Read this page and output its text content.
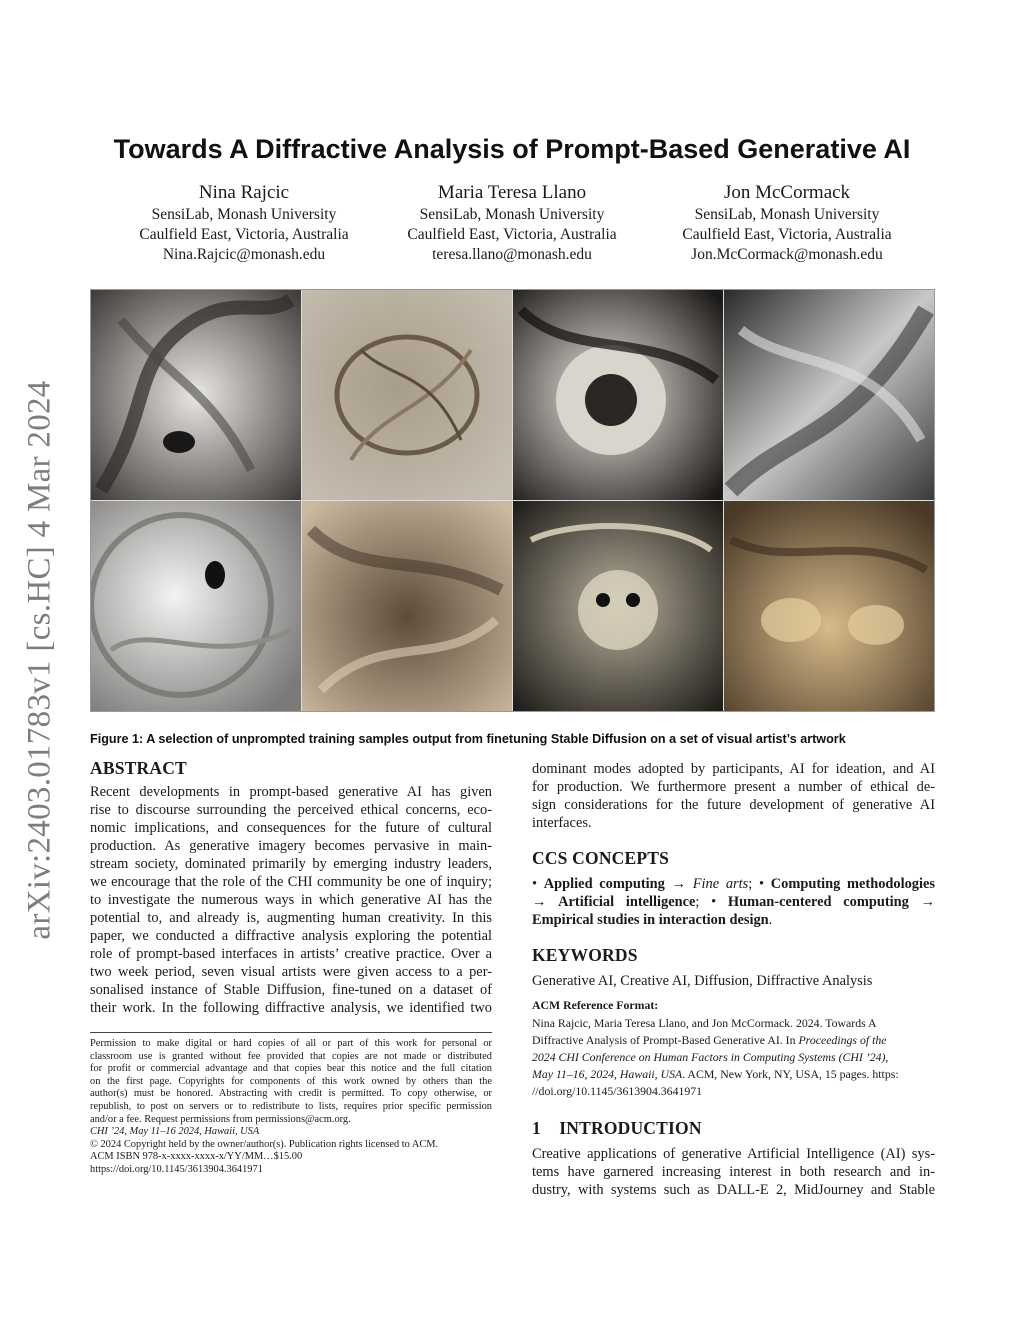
arXiv:2403.01783v1 [cs.HC] 4 Mar 2024
Towards A Diffractive Analysis of Prompt-Based Generative AI
Nina Rajcic
SensiLab, Monash University
Caulfield East, Victoria, Australia
Nina.Rajcic@monash.edu
Maria Teresa Llano
SensiLab, Monash University
Caulfield East, Victoria, Australia
teresa.llano@monash.edu
Jon McCormack
SensiLab, Monash University
Caulfield East, Victoria, Australia
Jon.McCormack@monash.edu
Figure 1: A selection of unprompted training samples output from finetuning Stable Diffusion on a set of visual artist’s artwork
ABSTRACT
Recent developments in prompt-based generative AI has given
rise to discourse surrounding the perceived ethical concerns, eco-
nomic implications, and consequences for the future of cultural
production. As generative imagery becomes pervasive in main-
stream society, dominated primarily by emerging industry leaders,
we encourage that the role of the CHI community be one of inquiry;
to investigate the numerous ways in which generative AI has the
potential to, and already is, augmenting human creativity. In this
paper, we conducted a diffractive analysis exploring the potential
role of prompt-based interfaces in artists’ creative practice. Over a
two week period, seven visual artists were given access to a per-
sonalised instance of Stable Diffusion, fine-tuned on a dataset of
their work. In the following diffractive analysis, we identified two
Permission to make digital or hard copies of all or part of this work for personal or
classroom use is granted without fee provided that copies are not made or distributed
for profit or commercial advantage and that copies bear this notice and the full citation
on the first page. Copyrights for components of this work owned by others than the
author(s) must be honored. Abstracting with credit is permitted. To copy otherwise, or
republish, to post on servers or to redistribute to lists, requires prior specific permission
and/or a fee. Request permissions from permissions@acm.org.
CHI ’24, May 11–16 2024, Hawaii, USA
© 2024 Copyright held by the owner/author(s). Publication rights licensed to ACM.
ACM ISBN 978-x-xxxx-xxxx-x/YY/MM…$15.00
https://doi.org/10.1145/3613904.3641971
dominant modes adopted by participants, AI for ideation, and AI
for production. We furthermore present a number of ethical de-
sign considerations for the future development of generative AI
interfaces.
CCS CONCEPTS
• Applied computing → Fine arts; • Computing methodologies
→ Artificial intelligence; • Human-centered computing →
Empirical studies in interaction design.
KEYWORDS
Generative AI, Creative AI, Diffusion, Diffractive Analysis
ACM Reference Format:
Nina Rajcic, Maria Teresa Llano, and Jon McCormack. 2024. Towards A
Diffractive Analysis of Prompt-Based Generative AI. In Proceedings of the
2024 CHI Conference on Human Factors in Computing Systems (CHI ’24),
May 11–16, 2024, Hawaii, USA. ACM, New York, NY, USA, 15 pages. https:
//doi.org/10.1145/3613904.3641971
1 INTRODUCTION
Creative applications of generative Artificial Intelligence (AI) sys-
tems have garnered increasing interest in both research and in-
dustry, with systems such as DALL-E 2, MidJourney and Stable
